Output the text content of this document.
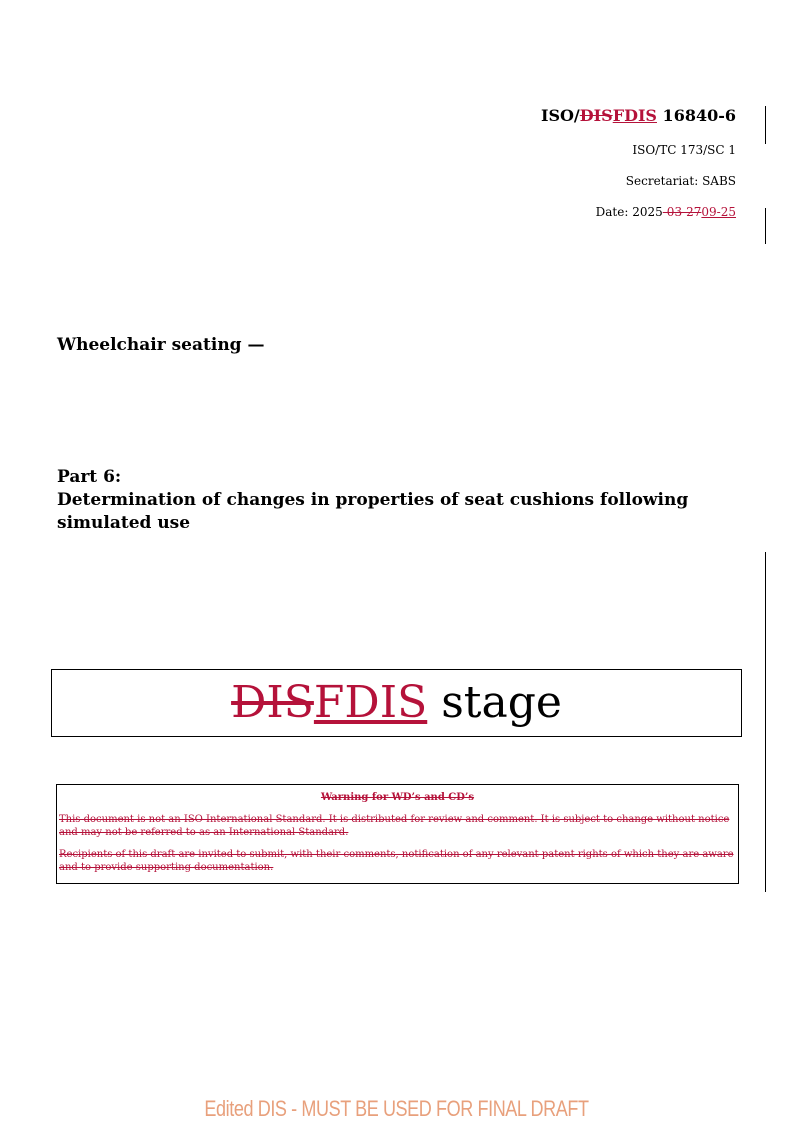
ISO/DISFDIS 16840-6
ISO/TC 173/SC 1
Secretariat: SABS
Date: 2025-03-2709-25
Wheelchair seating —
Part 6:
Determination of changes in properties of seat cushions following simulated use
DISFDIS stage
Warning for WD’s and CD’s
This document is not an ISO International Standard. It is distributed for review and comment. It is subject to change without notice and may not be referred to as an International Standard.
Recipients of this draft are invited to submit, with their comments, notification of any relevant patent rights of which they are aware and to provide supporting documentation.
Edited DIS - MUST BE USED FOR FINAL DRAFT
